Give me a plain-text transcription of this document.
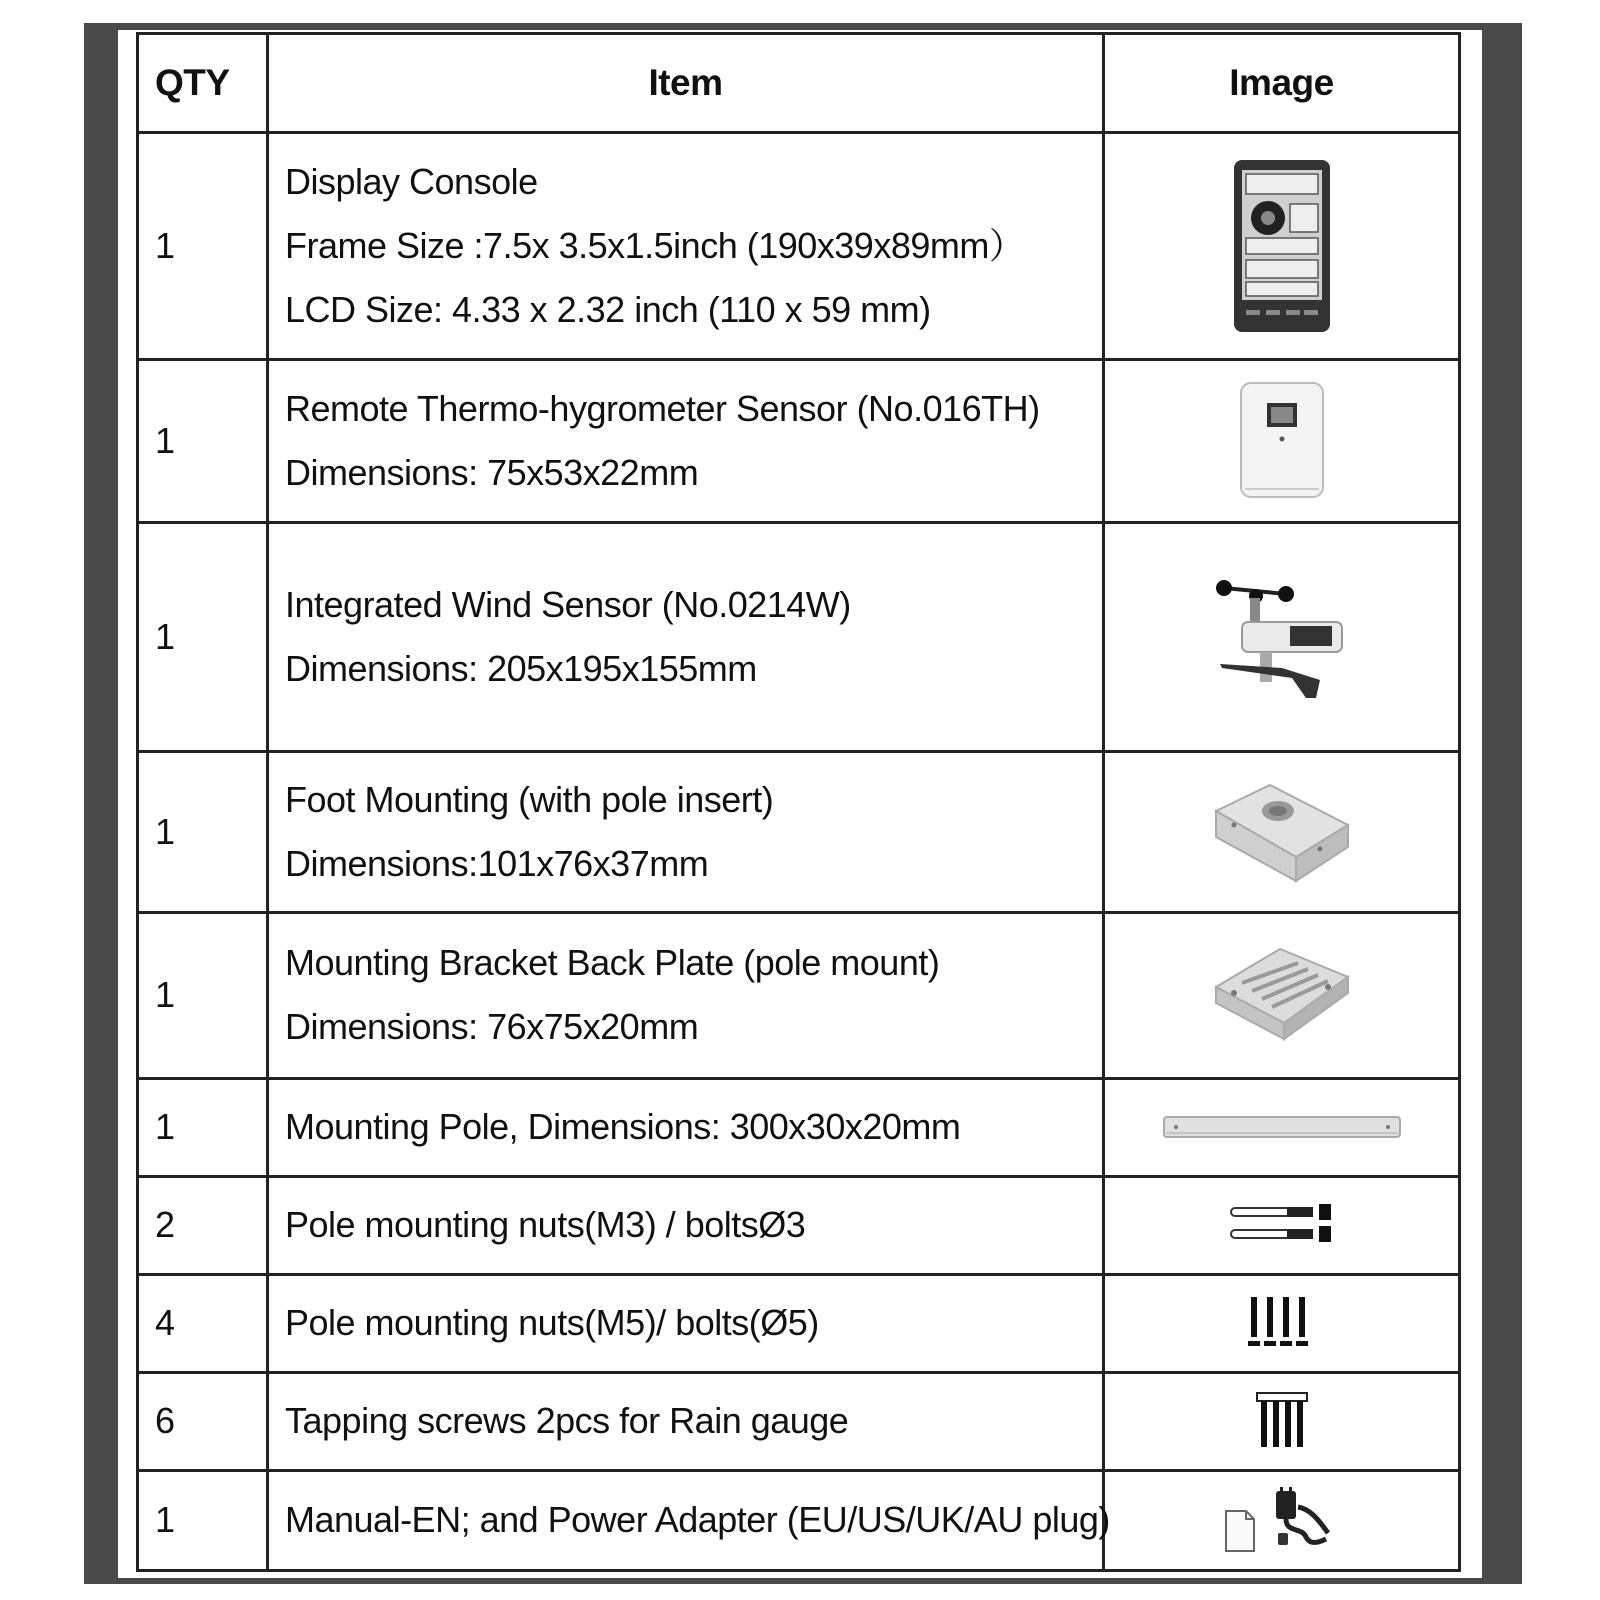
QTY	Item	Image
1	Display Console
Frame Size :7.5x 3.5x1.5inch (190x39x89mm）
LCD Size: 4.33 x 2.32 inch (110 x 59 mm)

1	Remote Thermo-hygrometer Sensor (No.016TH)
Dimensions: 75x53x22mm

1	Integrated Wind Sensor (No.0214W)
Dimensions: 205x195x155mm

1	Foot Mounting (with pole insert)
Dimensions:101x76x37mm

1	Mounting Bracket Back Plate (pole mount)
Dimensions: 76x75x20mm

1	Mounting Pole, Dimensions: 300x30x20mm

2	Pole mounting nuts(M3) / boltsØ3

4	Pole mounting nuts(M5)/ bolts(Ø5)

6	Tapping screws 2pcs for Rain gauge

1	Manual-EN; and Power Adapter (EU/US/UK/AU plug)
